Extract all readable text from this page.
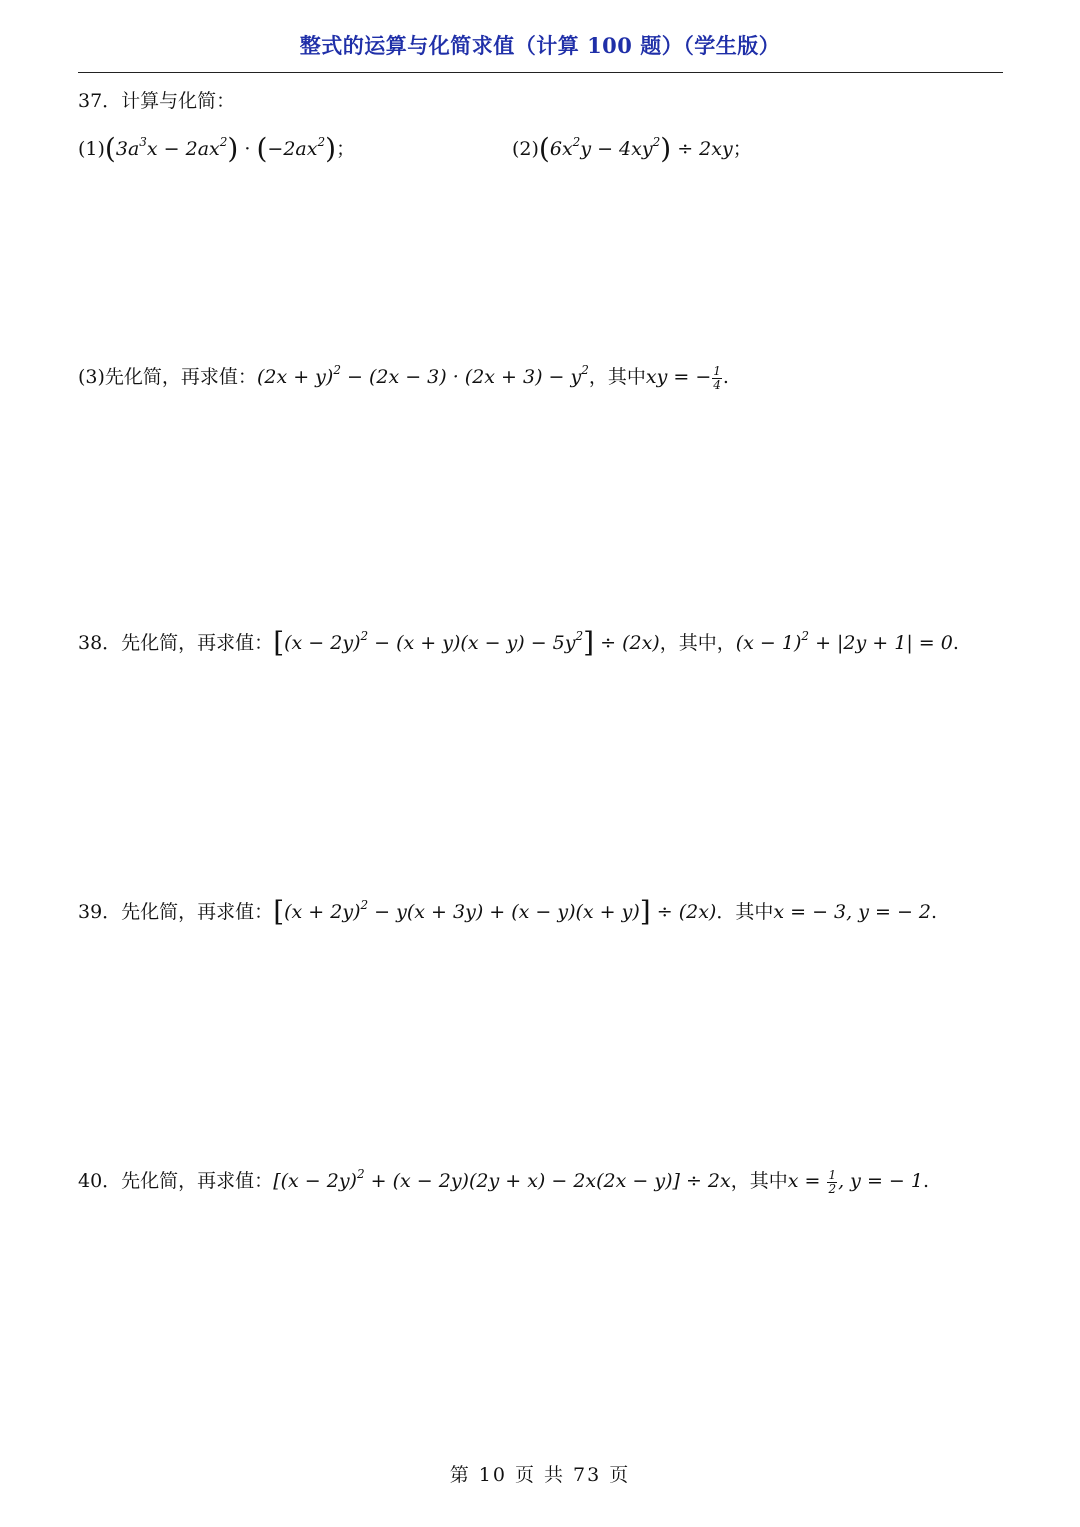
整式的运算与化简求值（计算 100 题）（学生版）
37．计算与化简：
$(1)(3a^3x - 2ax^2) \cdot (-2ax^2)$；	$(2)(6x^2y - 4xy^2) \div 2xy$；
(3)先化简，再求值：$(2x + y)^2 - (2x - 3) \cdot (2x + 3) - y^2$，其中xy = − $\frac{1}{4}$ .
38．先化简，再求值：$[(x - 2y)^2 - (x + y)(x - y) - 5y^2] \div (2x)$，其中，$(x - 1)^2 + |2y + 1| = 0$.
39．先化简，再求值：$[(x + 2y)^2 - y(x + 3y) + (x - y)(x + y)] \div (2x)$．其中x = − 3, y = − 2.
40．先化简，再求值：$[(x - 2y)^2 + (x - 2y)(2y + x) - 2x(2x - y)] \div 2x$，其中$x = \frac{1}{2}$ , y = − 1.
第 10 页 共 73 页
